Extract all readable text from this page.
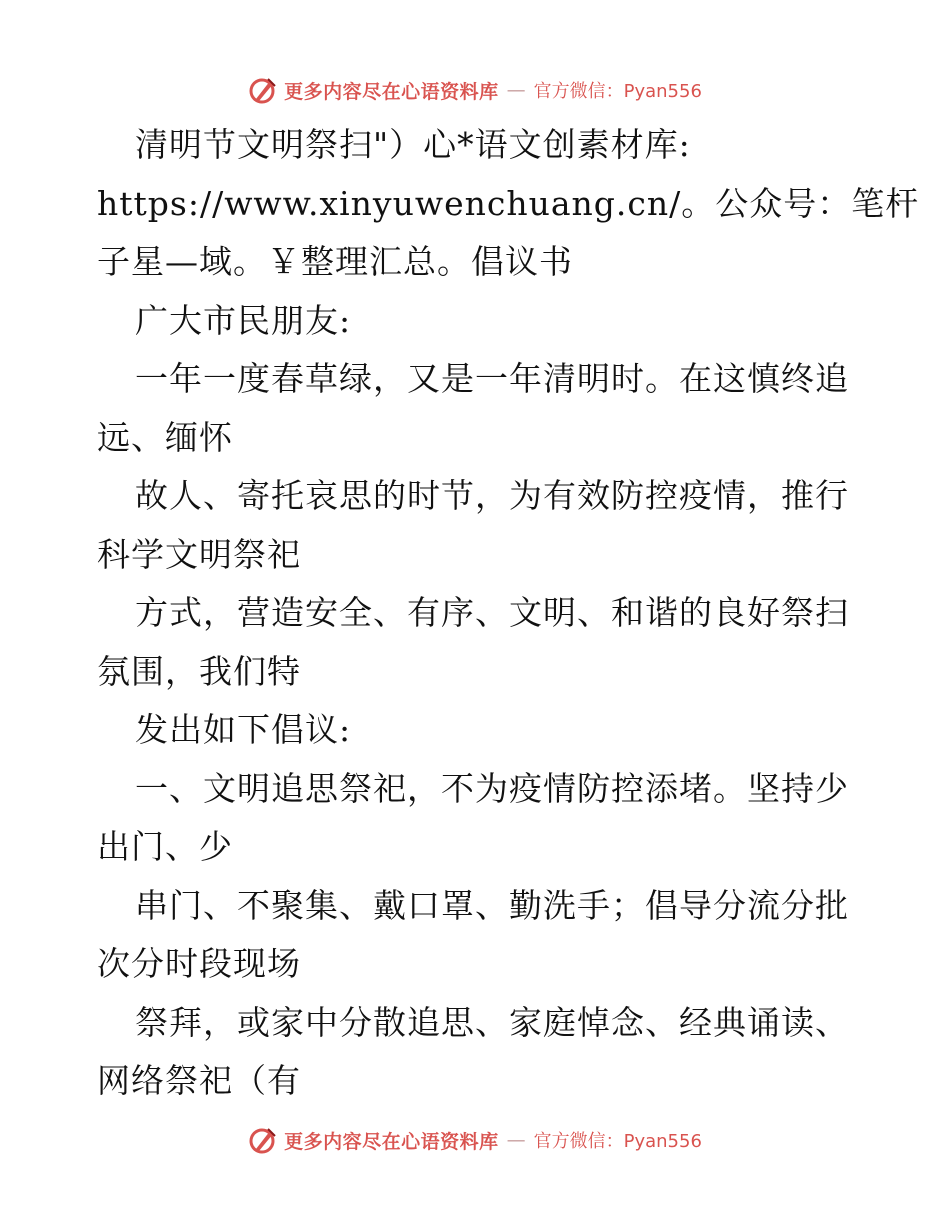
更多内容尽在心语资料库 — 官方微信：Pyan556
清明节文明祭扫"）心*语文创素材库:
https://www.xinyuwenchuang.cn/。公众号：笔杆
子星—域。￥整理汇总。倡议书
广大市民朋友:
一年一度春草绿，又是一年清明时。在这慎终追
远、缅怀
故人、寄托哀思的时节，为有效防控疫情，推行
科学文明祭祀
方式，营造安全、有序、文明、和谐的良好祭扫
氛围，我们特
发出如下倡议:
一、文明追思祭祀，不为疫情防控添堵。坚持少
出门、少
串门、不聚集、戴口罩、勤洗手；倡导分流分批
次分时段现场
祭拜，或家中分散追思、家庭悼念、经典诵读、
网络祭祀（有
更多内容尽在心语资料库 — 官方微信：Pyan556
